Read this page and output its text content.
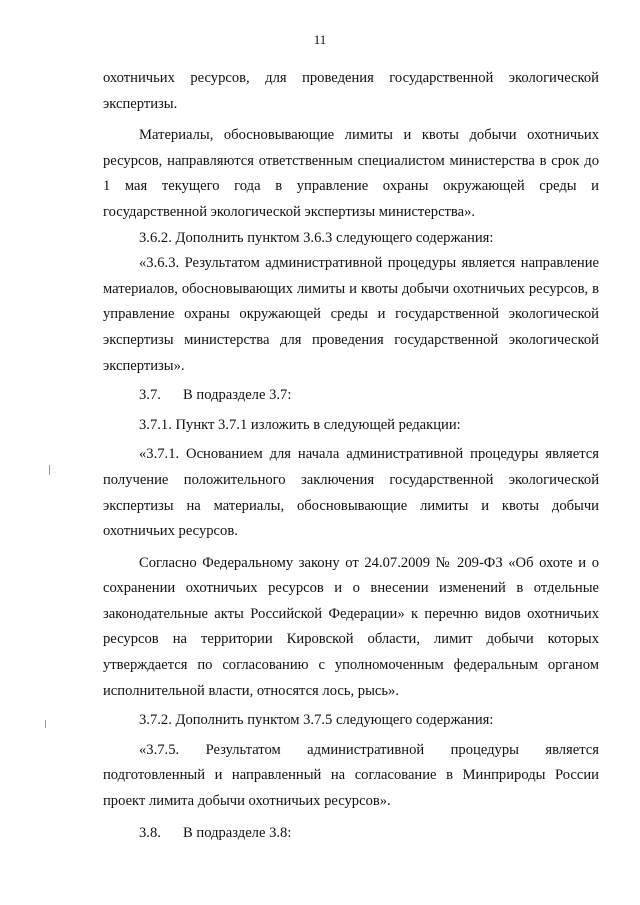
11

охотничьих ресурсов, для проведения государственной экологической экспертизы.

Материалы, обосновывающие лимиты и квоты добычи охотничьих ресурсов, направляются ответственным специалистом министерства в срок до 1 мая текущего года в управление охраны окружающей среды и государственной экологической экспертизы министерства».

3.6.2. Дополнить пунктом 3.6.3 следующего содержания:

«3.6.3. Результатом административной процедуры является направление материалов, обосновывающих лимиты и квоты добычи охотничьих ресурсов, в управление охраны окружающей среды и государственной экологической экспертизы министерства для проведения государственной экологической экспертизы».

3.7. В подразделе 3.7:

3.7.1. Пункт 3.7.1 изложить в следующей редакции:

«3.7.1. Основанием для начала административной процедуры является получение положительного заключения государственной экологической экспертизы на материалы, обосновывающие лимиты и квоты добычи охотничьих ресурсов.

Согласно Федеральному закону от 24.07.2009 № 209-ФЗ «Об охоте и о сохранении охотничьих ресурсов и о внесении изменений в отдельные законодательные акты Российской Федерации» к перечню видов охотничьих ресурсов на территории Кировской области, лимит добычи которых утверждается по согласованию с уполномоченным федеральным органом исполнительной власти, относятся лось, рысь».

3.7.2. Дополнить пунктом 3.7.5 следующего содержания:

«3.7.5. Результатом административной процедуры является подготовленный и направленный на согласование в Минприроды России проект лимита добычи охотничьих ресурсов».

3.8. В подразделе 3.8:
